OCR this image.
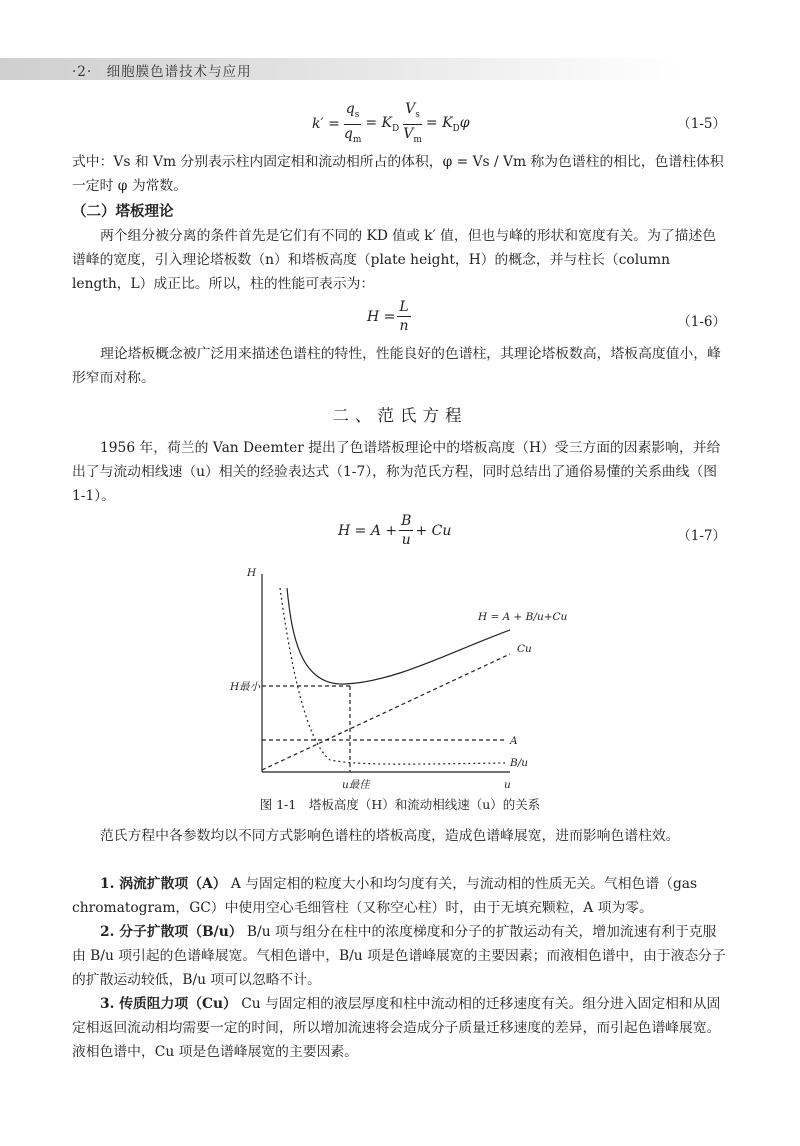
·2·　细胞膜色谱技术与应用
$k' = \frac{q_s}{q_m} = K_D \frac{V_s}{V_m} = K_D\varphi$	（1-5）
式中：Vs 和 Vm 分别表示柱内固定相和流动相所占的体积，φ = Vs / Vm 称为色谱柱的相比，色谱柱体积一定时 φ 为常数。
（二）塔板理论
两个组分被分离的条件首先是它们有不同的 KD 值或 k′ 值，但也与峰的形状和宽度有关。为了描述色谱峰的宽度，引入理论塔板数（n）和塔板高度（plate height，H）的概念，并与柱长（column length，L）成正比。所以，柱的性能可表示为：
$H = \frac{L}{n}$	（1-6）
理论塔板概念被广泛用来描述色谱柱的特性，性能良好的色谱柱，其理论塔板数高，塔板高度值小，峰形窄而对称。
二、范氏方程
1956 年，荷兰的 Van Deemter 提出了色谱塔板理论中的塔板高度（H）受三方面的因素影响，并给出了与流动相线速（u）相关的经验表达式（1-7），称为范氏方程，同时总结出了通俗易懂的关系曲线（图 1-1）。
$H = A + \frac{B}{u} + Cu$	（1-7）
H
u
H最小
u最佳
H = A + B/u+Cu
Cu
A
B/u
图 1-1　塔板高度（H）和流动相线速（u）的关系
范氏方程中各参数均以不同方式影响色谱柱的塔板高度，造成色谱峰展宽，进而影响色谱柱效。
1. 涡流扩散项（A） A 与固定相的粒度大小和均匀度有关，与流动相的性质无关。气相色谱（gas chromatogram，GC）中使用空心毛细管柱（又称空心柱）时，由于无填充颗粒，A 项为零。
2. 分子扩散项（B/u） B/u 项与组分在柱中的浓度梯度和分子的扩散运动有关，增加流速有利于克服由 B/u 项引起的色谱峰展宽。气相色谱中，B/u 项是色谱峰展宽的主要因素；而液相色谱中，由于液态分子的扩散运动较低，B/u 项可以忽略不计。
3. 传质阻力项（Cu） Cu 与固定相的液层厚度和柱中流动相的迁移速度有关。组分进入固定相和从固定相返回流动相均需要一定的时间，所以增加流速将会造成分子质量迁移速度的差异，而引起色谱峰展宽。液相色谱中，Cu 项是色谱峰展宽的主要因素。
